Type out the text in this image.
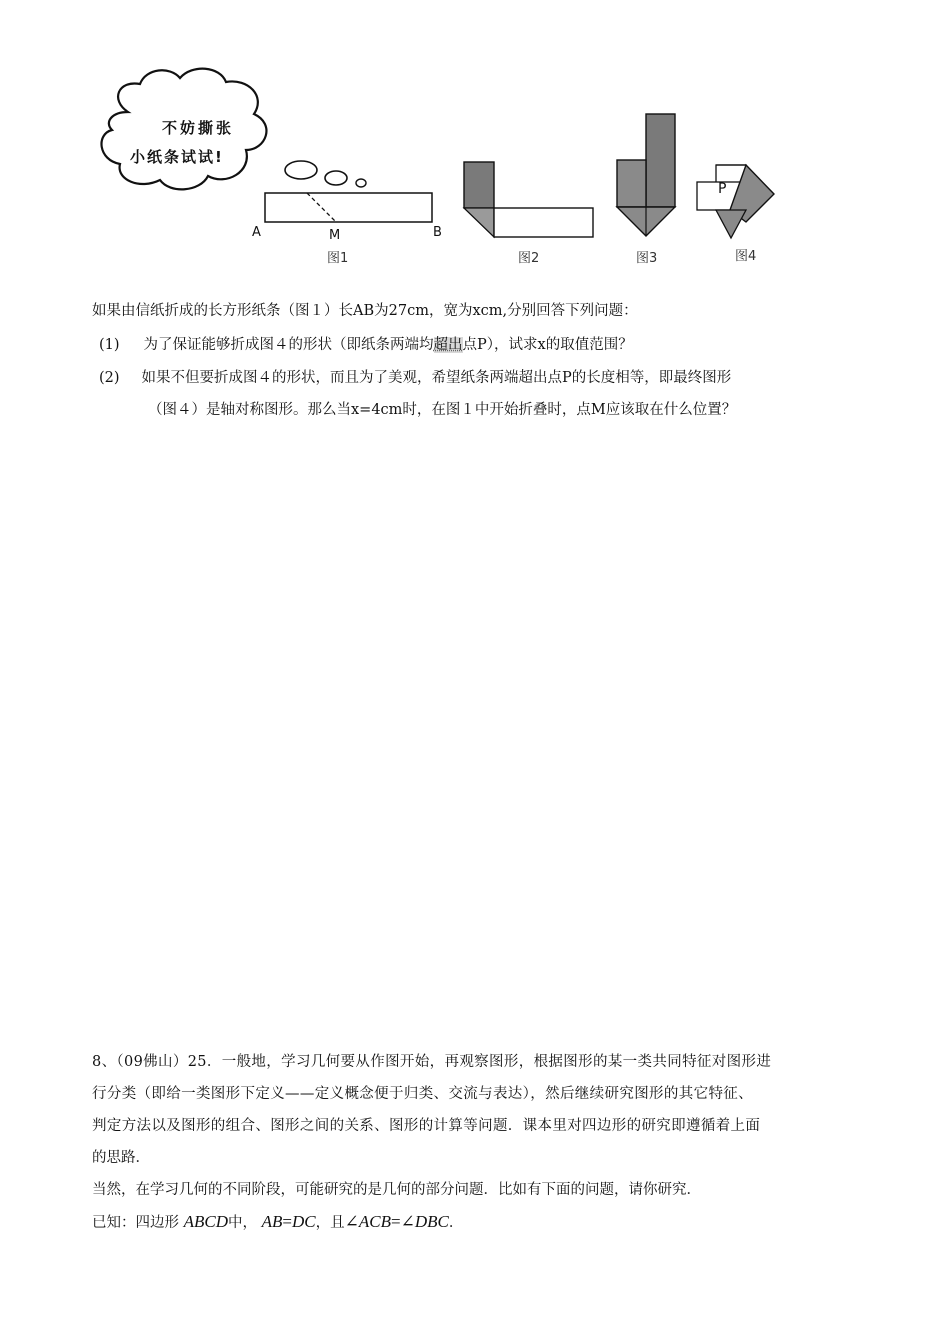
不妨撕张
小纸条试试!
A	M	B
图1	图2	图3
P
图4
如果由信纸折成的长方形纸条（图１）长AB为27cm，宽为xcm,分别回答下列问题：
(1) 为了保证能够折成图４的形状（即纸条两端均超出点P），试求x的取值范围？
(2) 如果不但要折成图４的形状，而且为了美观，希望纸条两端超出点P的长度相等，即最终图形
（图４）是轴对称图形。那么当x=4cm时，在图１中开始折叠时，点M应该取在什么位置？
8、（09佛山）25．一般地，学习几何要从作图开始，再观察图形，根据图形的某一类共同特征对图形进
行分类（即给一类图形下定义——定义概念便于归类、交流与表达），然后继续研究图形的其它特征、
判定方法以及图形的组合、图形之间的关系、图形的计算等问题．课本里对四边形的研究即遵循着上面
的思路．
当然，在学习几何的不同阶段，可能研究的是几何的部分问题．比如有下面的问题，请你研究．
已知：四边形 ABCD中， AB=DC，且∠ACB=∠DBC．
